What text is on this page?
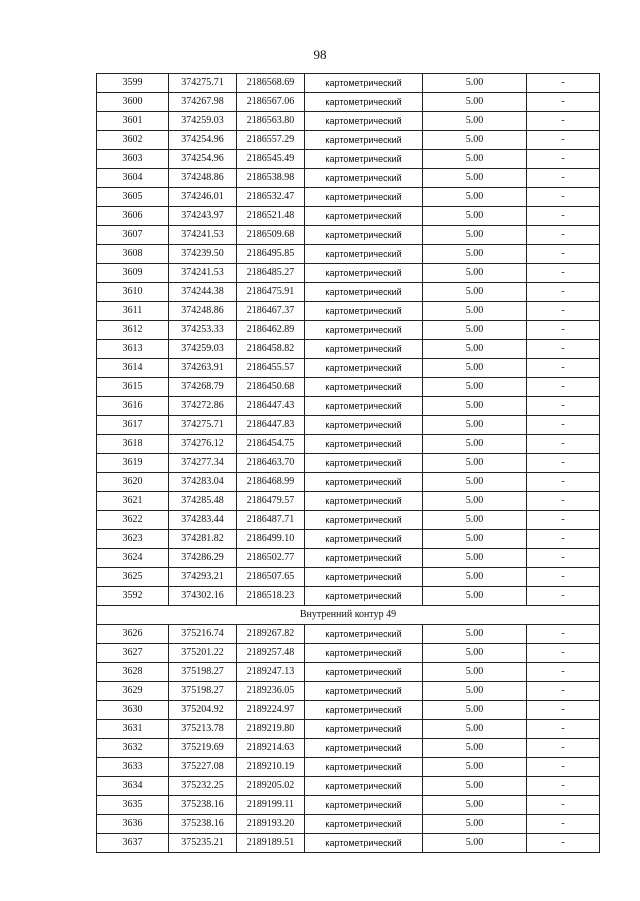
98
3599	374275.71	2186568.69	картометрический	5.00	-
3600	374267.98	2186567.06	картометрический	5.00	-
3601	374259.03	2186563.80	картометрический	5.00	-
3602	374254.96	2186557.29	картометрический	5.00	-
3603	374254.96	2186545.49	картометрический	5.00	-
3604	374248.86	2186538.98	картометрический	5.00	-
3605	374246.01	2186532.47	картометрический	5.00	-
3606	374243.97	2186521.48	картометрический	5.00	-
3607	374241.53	2186509.68	картометрический	5.00	-
3608	374239.50	2186495.85	картометрический	5.00	-
3609	374241.53	2186485.27	картометрический	5.00	-
3610	374244.38	2186475.91	картометрический	5.00	-
3611	374248.86	2186467.37	картометрический	5.00	-
3612	374253.33	2186462.89	картометрический	5.00	-
3613	374259.03	2186458.82	картометрический	5.00	-
3614	374263.91	2186455.57	картометрический	5.00	-
3615	374268.79	2186450.68	картометрический	5.00	-
3616	374272.86	2186447.43	картометрический	5.00	-
3617	374275.71	2186447.83	картометрический	5.00	-
3618	374276.12	2186454.75	картометрический	5.00	-
3619	374277.34	2186463.70	картометрический	5.00	-
3620	374283.04	2186468.99	картометрический	5.00	-
3621	374285.48	2186479.57	картометрический	5.00	-
3622	374283.44	2186487.71	картометрический	5.00	-
3623	374281.82	2186499.10	картометрический	5.00	-
3624	374286.29	2186502.77	картометрический	5.00	-
3625	374293.21	2186507.65	картометрический	5.00	-
3592	374302.16	2186518.23	картометрический	5.00	-
Внутренний контур 49					
3626	375216.74	2189267.82	картометрический	5.00	-
3627	375201.22	2189257.48	картометрический	5.00	-
3628	375198.27	2189247.13	картометрический	5.00	-
3629	375198.27	2189236.05	картометрический	5.00	-
3630	375204.92	2189224.97	картометрический	5.00	-
3631	375213.78	2189219.80	картометрический	5.00	-
3632	375219.69	2189214.63	картометрический	5.00	-
3633	375227.08	2189210.19	картометрический	5.00	-
3634	375232.25	2189205.02	картометрический	5.00	-
3635	375238.16	2189199.11	картометрический	5.00	-
3636	375238.16	2189193.20	картометрический	5.00	-
3637	375235.21	2189189.51	картометрический	5.00	-
